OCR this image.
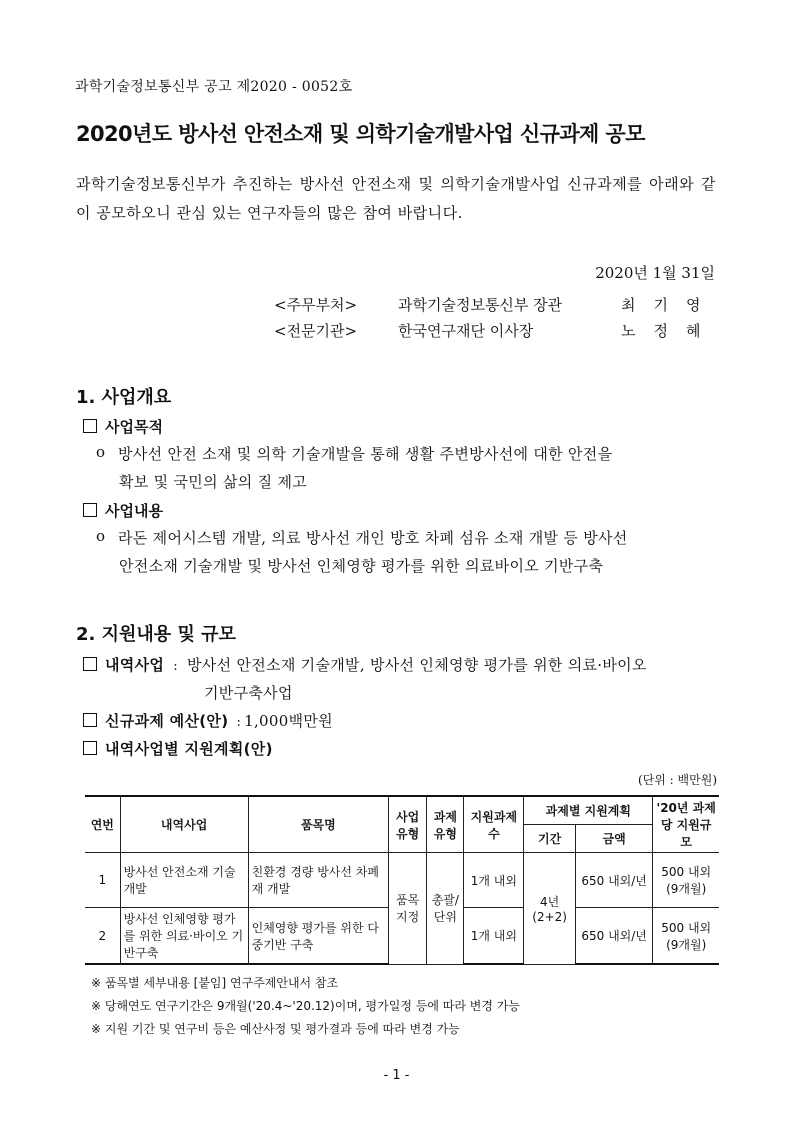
과학기술정보통신부 공고 제2020 - 0052호
2020년도 방사선 안전소재 및 의학기술개발사업 신규과제 공모
과학기술정보통신부가 추진하는 방사선 안전소재 및 의학기술개발사업 신규과제를 아래와 같이 공모하오니 관심 있는 연구자들의 많은 참여 바랍니다.
2020년 1월 31일
<주무부처>	과학기술정보통신부 장관	최기영
<전문기관>	한국연구재단 이사장	노정혜
1. 사업개요
사업목적
o 방사선 안전 소재 및 의학 기술개발을 통해 생활 주변방사선에 대한 안전을
확보 및 국민의 삶의 질 제고
사업내용
o 라돈 제어시스템 개발, 의료 방사선 개인 방호 차폐 섬유 소재 개발 등 방사선
안전소재 기술개발 및 방사선 인체영향 평가를 위한 의료바이오 기반구축
2. 지원내용 및 규모
내역사업 : 방사선 안전소재 기술개발, 방사선 인체영향 평가를 위한 의료·바이오
기반구축사업
신규과제 예산(안) : 1,000백만원
내역사업별 지원계획(안)
(단위 : 백만원)
연번	내역사업	품목명	사업유형	과제유형	지원과제수	과제별 지원계획		'20년 과제당 지원규모
						기간	금액	
1	방사선 안전소재 기술개발	친환경 경량 방사선 차폐재 개발	품목지정	총괄/단위	1개 내외	4년 (2+2)	650 내외/년	500 내외 (9개월)
2	방사선 인체영향 평가를 위한 의료·바이오 기반구축	인체영향 평가를 위한 다중기반 구축			1개 내외		650 내외/년	500 내외 (9개월)
※ 품목별 세부내용 [붙임] 연구주제안내서 참조
※ 당해연도 연구기간은 9개월('20.4~'20.12)이며, 평가일정 등에 따라 변경 가능
※ 지원 기간 및 연구비 등은 예산사정 및 평가결과 등에 따라 변경 가능
- 1 -
